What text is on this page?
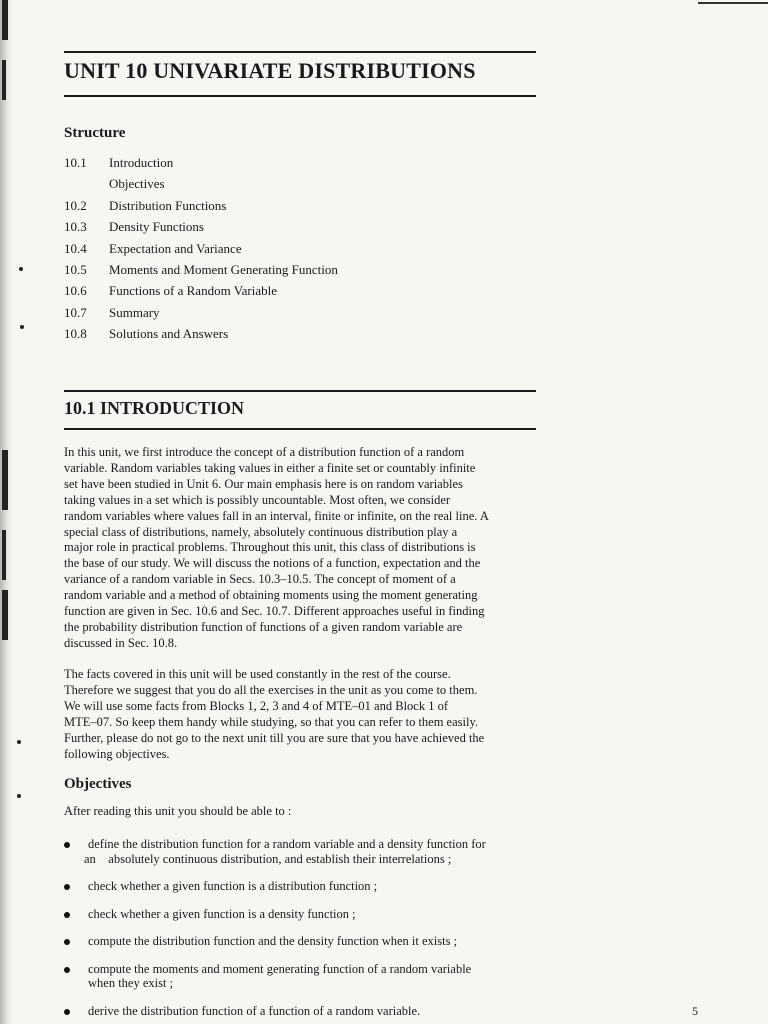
UNIT 10 UNIVARIATE DISTRIBUTIONS
Structure
10.1	Introduction
Objectives
10.2	Distribution Functions
10.3	Density Functions
10.4	Expectation and Variance
10.5	Moments and Moment Generating Function
10.6	Functions of a Random Variable
10.7	Summary
10.8	Solutions and Answers
10.1 INTRODUCTION
In this unit, we first introduce the concept of a distribution function of a random
variable. Random variables taking values in either a finite set or countably infinite
set have been studied in Unit 6. Our main emphasis here is on random variables
taking values in a set which is possibly uncountable. Most often, we consider
random variables where values fall in an interval, finite or infinite, on the real line. A
special class of distributions, namely, absolutely continuous distribution play a
major role in practical problems. Throughout this unit, this class of distributions is
the base of our study. We will discuss the notions of a function, expectation and the
variance of a random variable in Secs. 10.3–10.5. The concept of moment of a
random variable and a method of obtaining moments using the moment generating
function are given in Sec. 10.6 and Sec. 10.7. Different approaches useful in finding
the probability distribution function of functions of a given random variable are
discussed in Sec. 10.8.
The facts covered in this unit will be used constantly in the rest of the course.
Therefore we suggest that you do all the exercises in the unit as you come to them.
We will use some facts from Blocks 1, 2, 3 and 4 of MTE–01 and Block 1 of
MTE–07. So keep them handy while studying, so that you can refer to them easily.
Further, please do not go to the next unit till you are sure that you have achieved the
following objectives.
Objectives
After reading this unit you should be able to :
define the distribution function for a random variable and a density function for
an    absolutely continuous distribution, and establish their interrelations ;
check whether a given function is a distribution function ;
check whether a given function is a density function ;
compute the distribution function and the density function when it exists ;
compute the moments and moment generating function of a random variable
when they exist ;
derive the distribution function of a function of a random variable.	5
